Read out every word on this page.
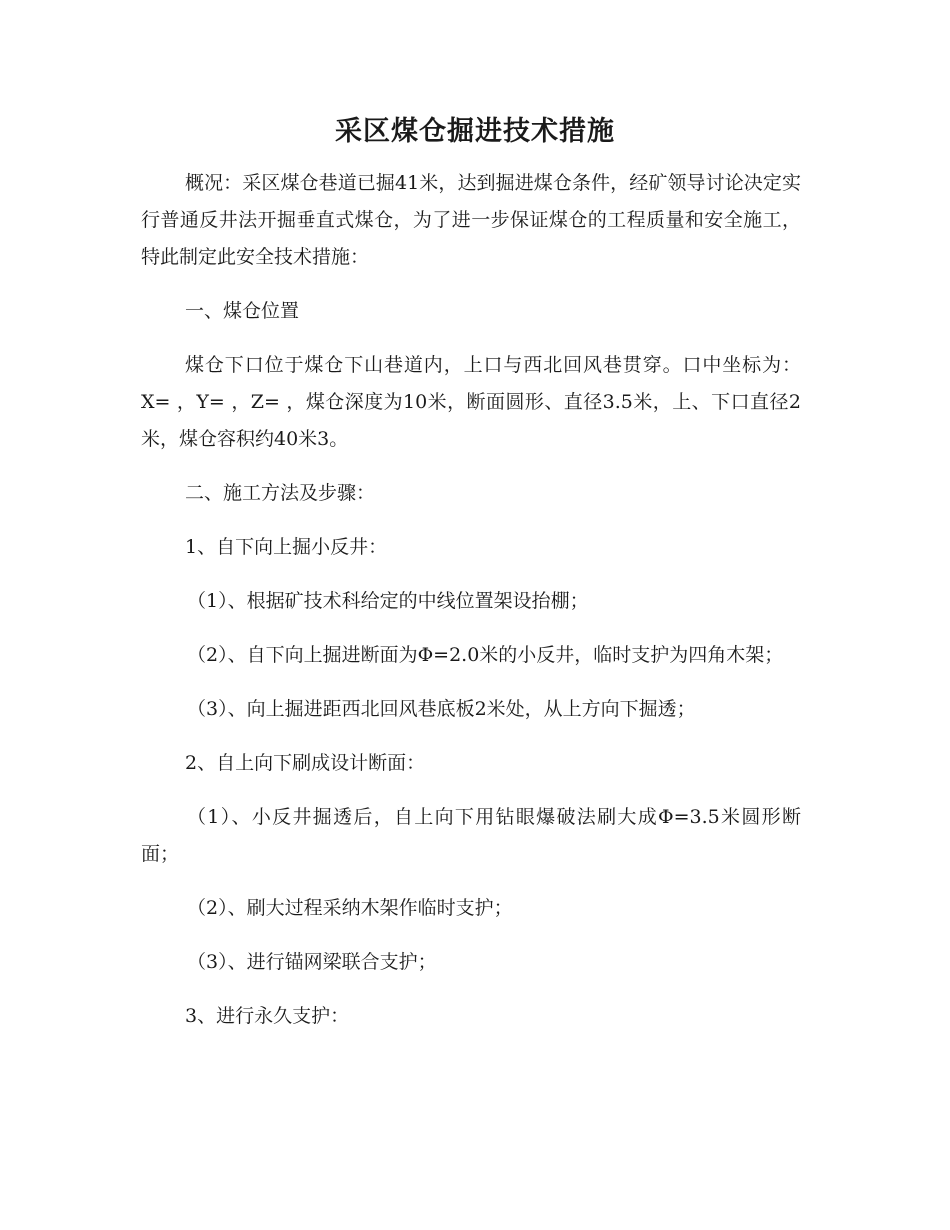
采区煤仓掘进技术措施

概况：采区煤仓巷道已掘41米，达到掘进煤仓条件，经矿领导讨论决定实行普通反井法开掘垂直式煤仓，为了进一步保证煤仓的工程质量和安全施工，特此制定此安全技术措施：

一、煤仓位置

煤仓下口位于煤仓下山巷道内，上口与西北回风巷贯穿。口中坐标为：X= ，Y= ，Z= ，煤仓深度为10米，断面圆形、直径3.5米，上、下口直径2米，煤仓容积约40米3。

二、施工方法及步骤：

1、自下向上掘小反井：

（1）、根据矿技术科给定的中线位置架设抬棚；

（2）、自下向上掘进断面为Φ=2.0米的小反井，临时支护为四角木架；

（3）、向上掘进距西北回风巷底板2米处，从上方向下掘透；

2、自上向下刷成设计断面：

（1）、小反井掘透后，自上向下用钻眼爆破法刷大成Φ=3.5米圆形断面；

（2）、刷大过程采纳木架作临时支护；

（3）、进行锚网梁联合支护；

3、进行永久支护：
